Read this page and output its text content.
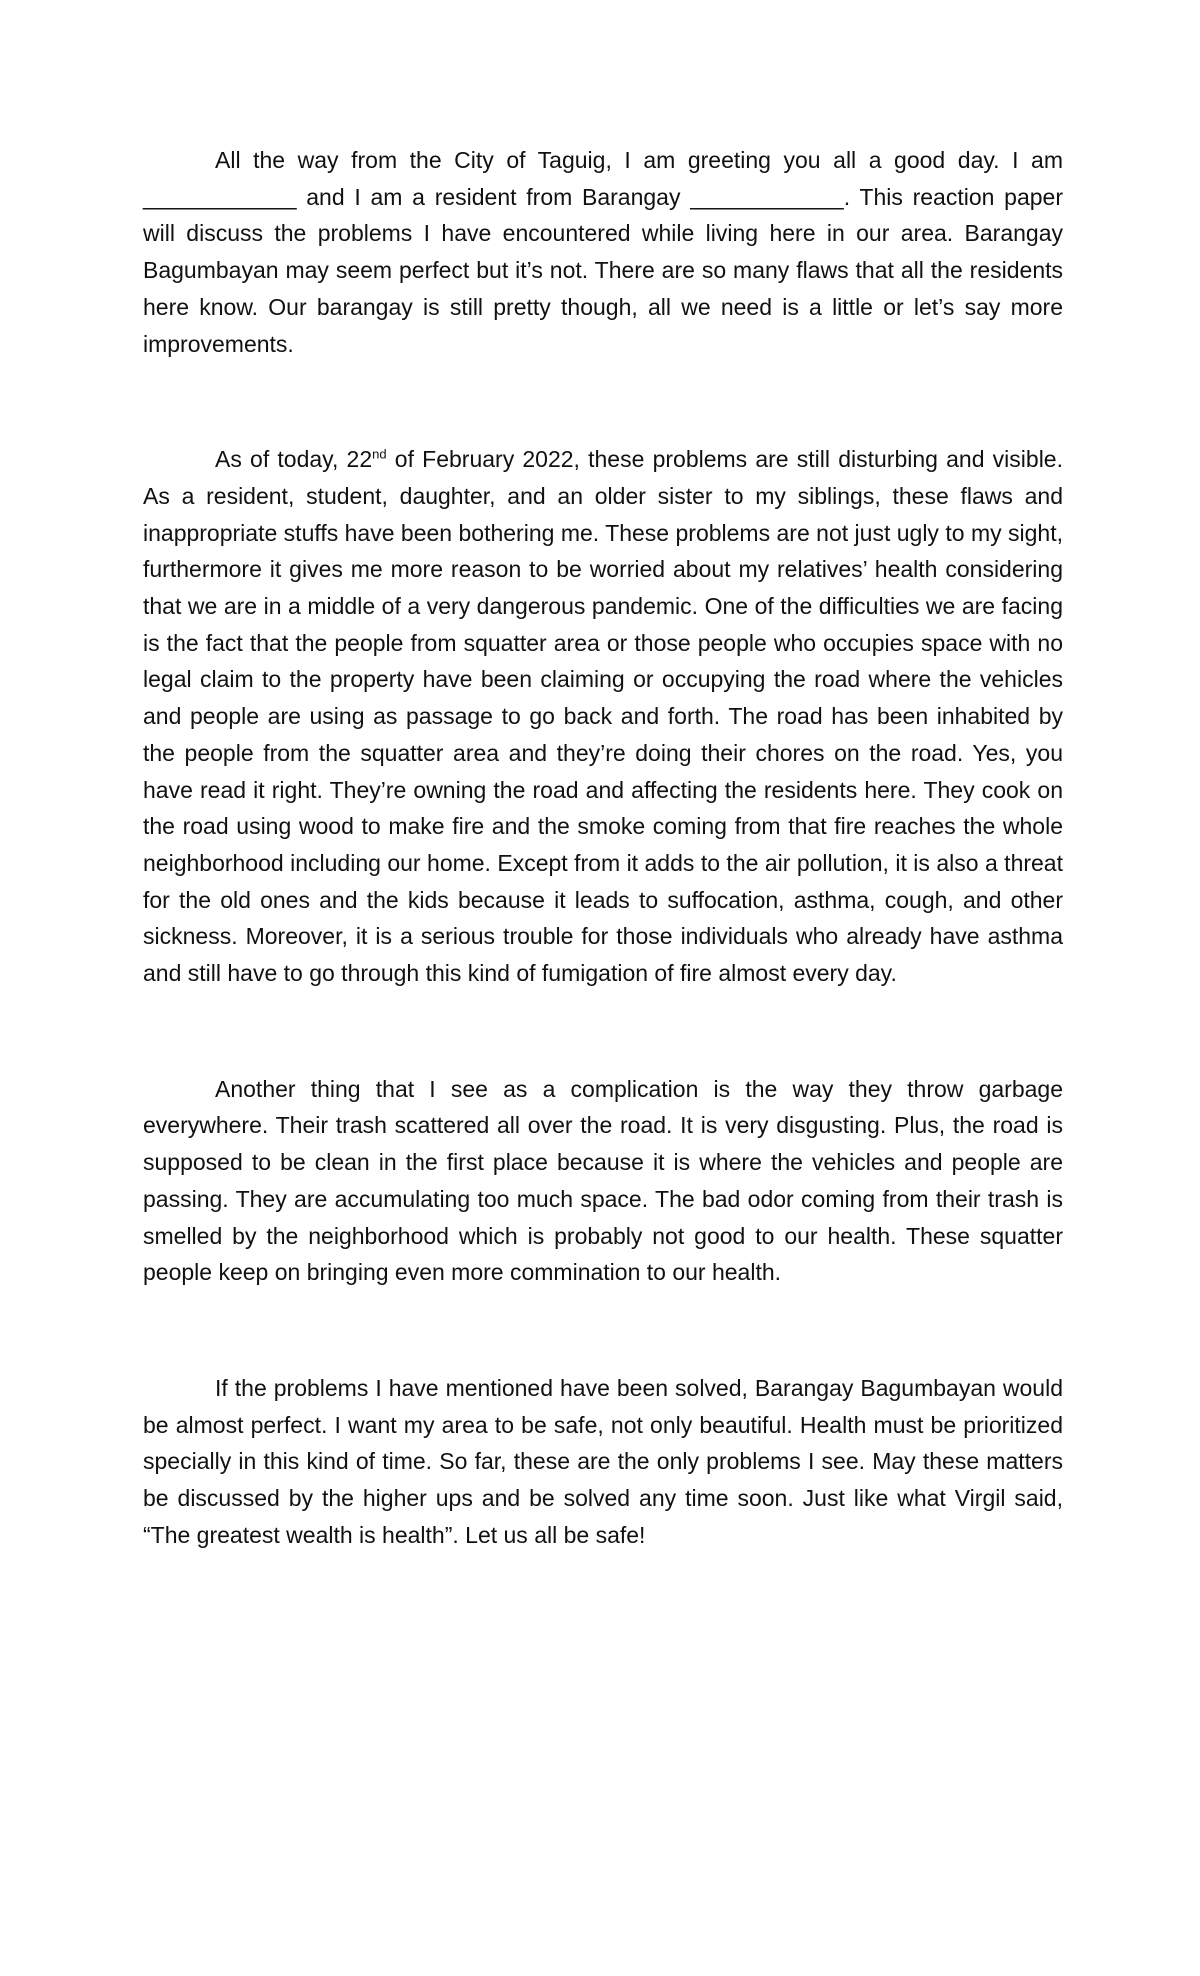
All the way from the City of Taguig, I am greeting you all a good day. I am ____________ and I am a resident from Barangay ____________. This reaction paper will discuss the problems I have encountered while living here in our area. Barangay Bagumbayan may seem perfect but it’s not. There are so many flaws that all the residents here know. Our barangay is still pretty though, all we need is a little or let’s say more improvements.

As of today, 22nd of February 2022, these problems are still disturbing and visible. As a resident, student, daughter, and an older sister to my siblings, these flaws and inappropriate stuffs have been bothering me. These problems are not just ugly to my sight, furthermore it gives me more reason to be worried about my relatives’ health considering that we are in a middle of a very dangerous pandemic. One of the difficulties we are facing is the fact that the people from squatter area or those people who occupies space with no legal claim to the property have been claiming or occupying the road where the vehicles and people are using as passage to go back and forth. The road has been inhabited by the people from the squatter area and they’re doing their chores on the road. Yes, you have read it right. They’re owning the road and affecting the residents here. They cook on the road using wood to make fire and the smoke coming from that fire reaches the whole neighborhood including our home. Except from it adds to the air pollution, it is also a threat for the old ones and the kids because it leads to suffocation, asthma, cough, and other sickness. Moreover, it is a serious trouble for those individuals who already have asthma and still have to go through this kind of fumigation of fire almost every day.

Another thing that I see as a complication is the way they throw garbage everywhere. Their trash scattered all over the road. It is very disgusting. Plus, the road is supposed to be clean in the first place because it is where the vehicles and people are passing. They are accumulating too much space. The bad odor coming from their trash is smelled by the neighborhood which is probably not good to our health. These squatter people keep on bringing even more commination to our health.

If the problems I have mentioned have been solved, Barangay Bagumbayan would be almost perfect. I want my area to be safe, not only beautiful. Health must be prioritized specially in this kind of time. So far, these are the only problems I see. May these matters be discussed by the higher ups and be solved any time soon. Just like what Virgil said, “The greatest wealth is health”. Let us all be safe!
